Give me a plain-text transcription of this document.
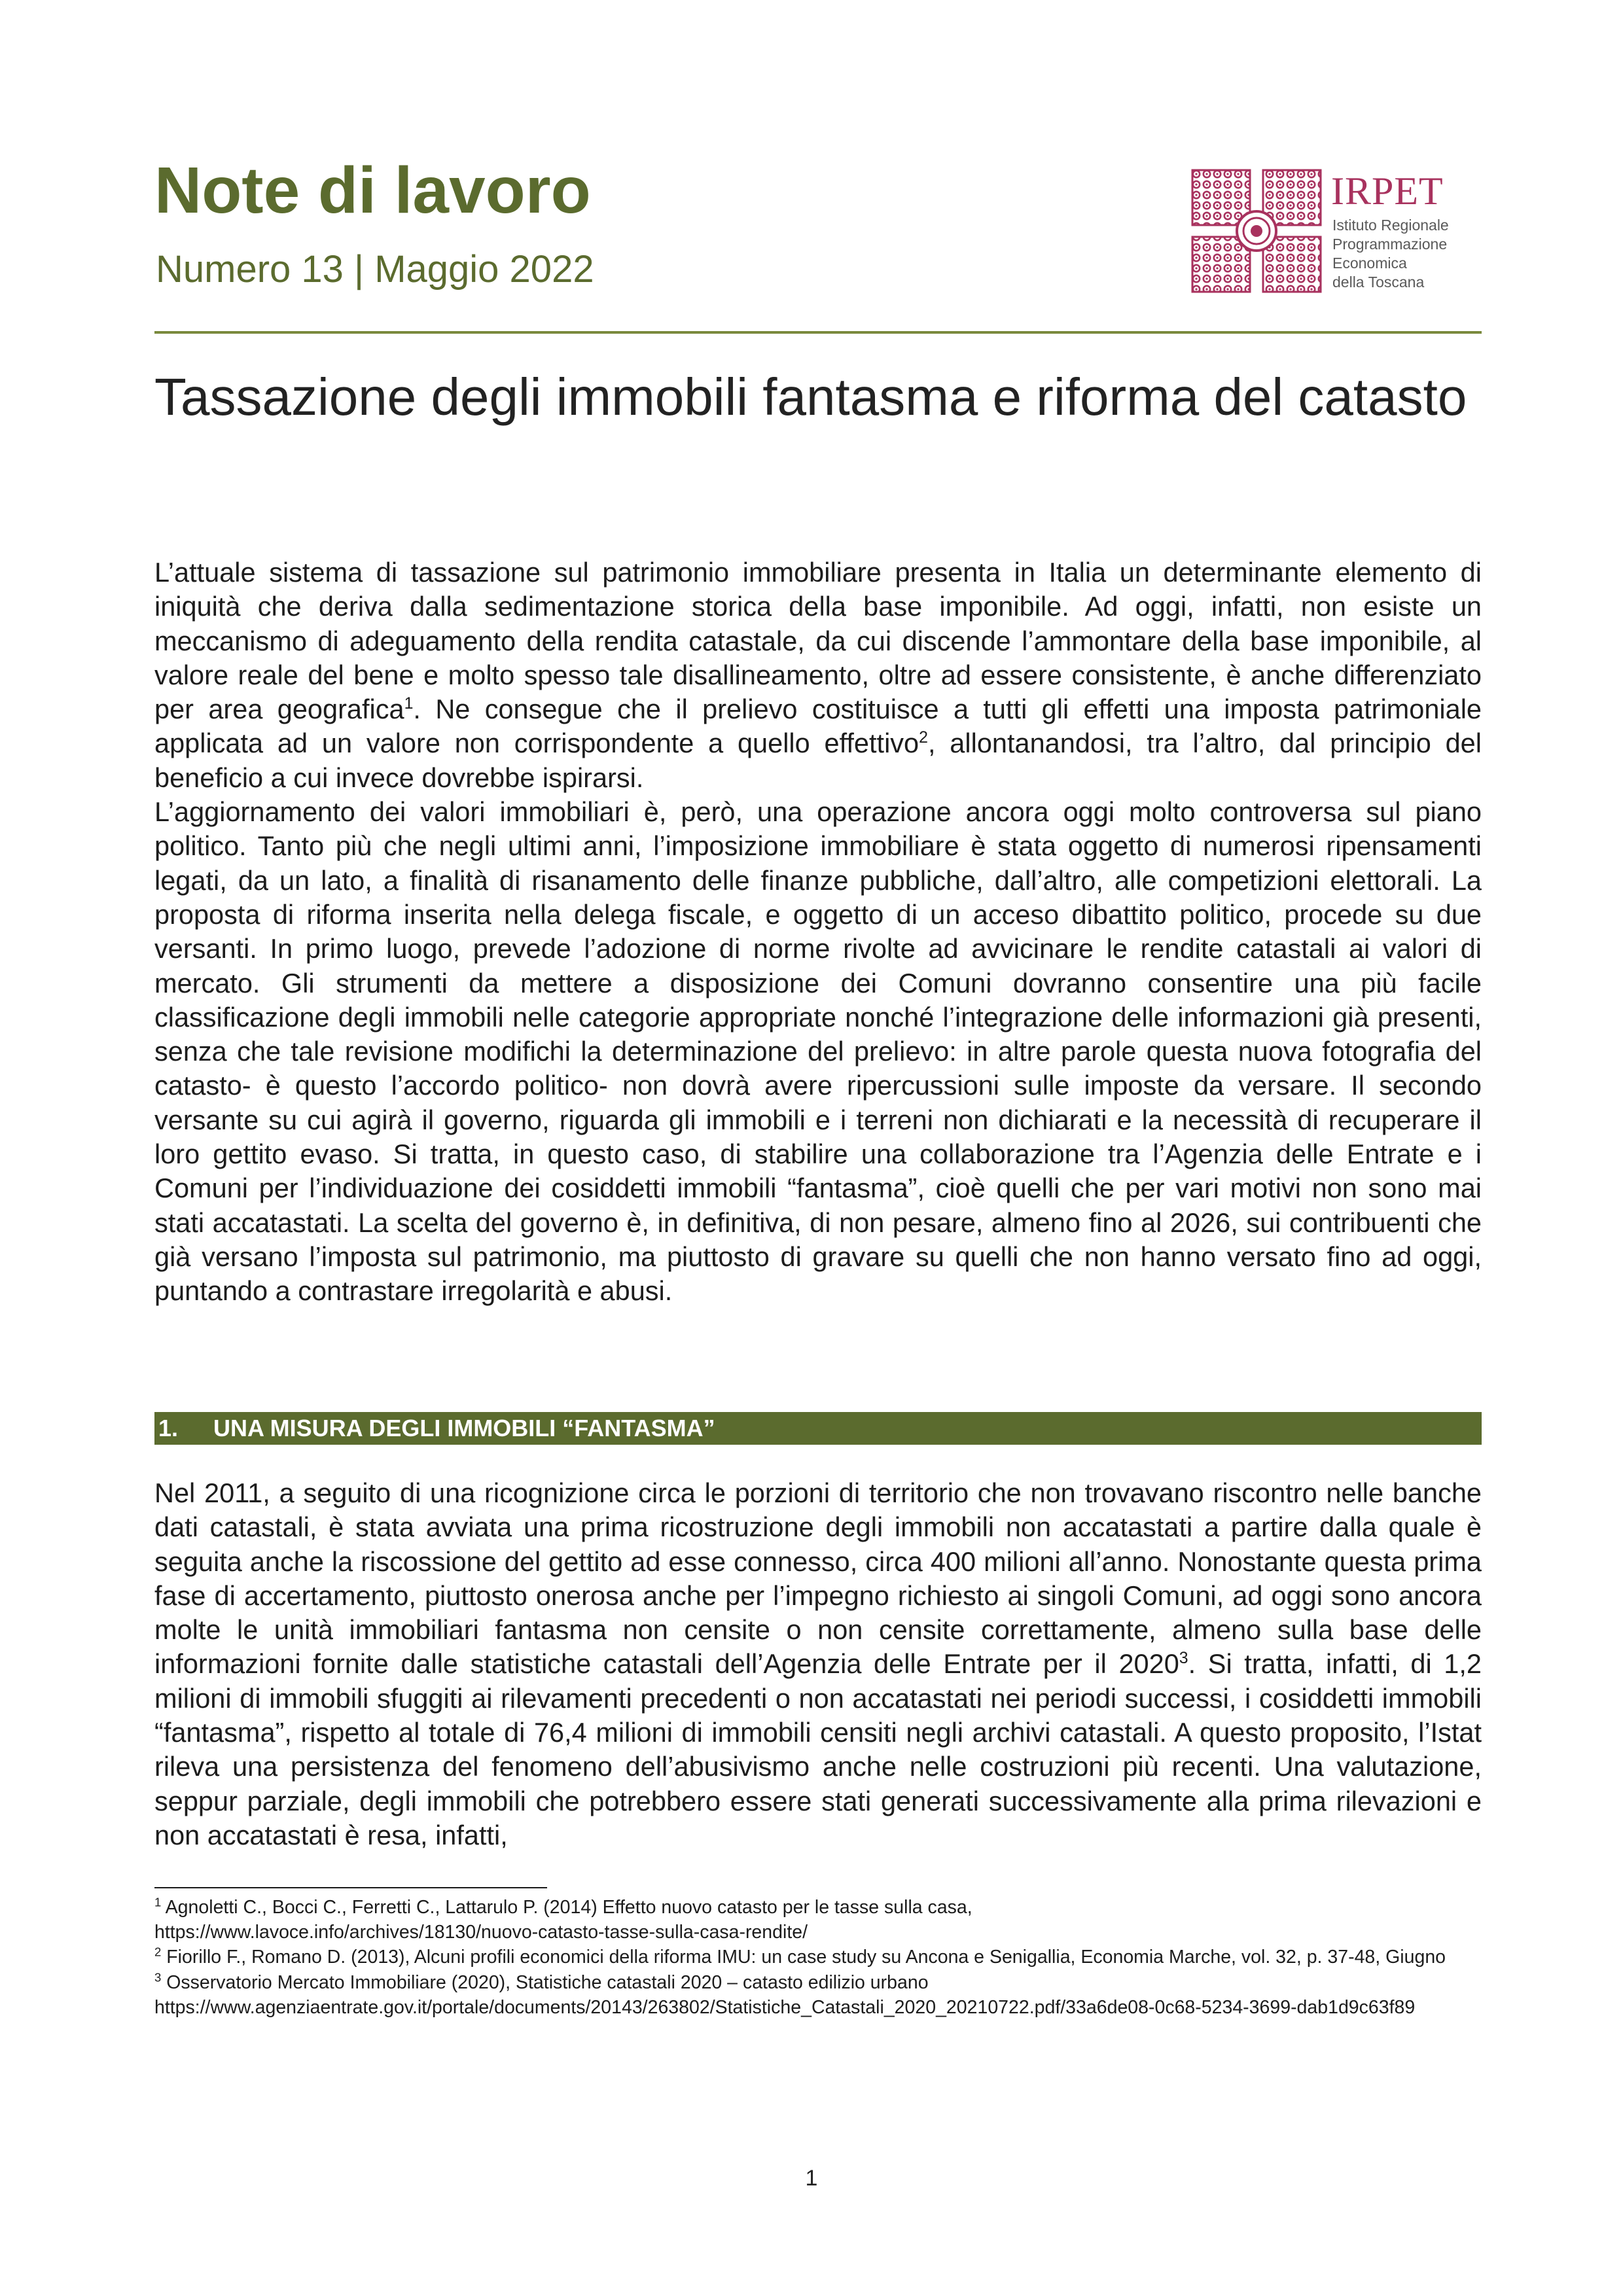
Note di lavoro
Numero 13 | Maggio 2022
IRPET
Istituto Regionale
Programmazione
Economica
della Toscana
Tassazione degli immobili fantasma e riforma del catasto
L’attuale sistema di tassazione sul patrimonio immobiliare presenta in Italia un determinante elemento di iniquità che deriva dalla sedimentazione storica della base imponibile. Ad oggi, infatti, non esiste un meccanismo di adeguamento della rendita catastale, da cui discende l’ammontare della base imponibile, al valore reale del bene e molto spesso tale disallineamento, oltre ad essere consistente, è anche differenziato per area geografica$^1$. Ne consegue che il prelievo costituisce a tutti gli effetti una imposta patrimoniale applicata ad un valore non corrispondente a quello effettivo$^2$, allontanandosi, tra l’altro, dal principio del beneficio a cui invece dovrebbe ispirarsi.
L’aggiornamento dei valori immobiliari è, però, una operazione ancora oggi molto controversa sul piano politico. Tanto più che negli ultimi anni, l’imposizione immobiliare è stata oggetto di numerosi ripensamenti legati, da un lato, a finalità di risanamento delle finanze pubbliche, dall’altro, alle competizioni elettorali. La proposta di riforma inserita nella delega fiscale, e oggetto di un acceso dibattito politico, procede su due versanti. In primo luogo, prevede l’adozione di norme rivolte ad avvicinare le rendite catastali ai valori di mercato. Gli strumenti da mettere a disposizione dei Comuni dovranno consentire una più facile classificazione degli immobili nelle categorie appropriate nonché l’integrazione delle informazioni già presenti, senza che tale revisione modifichi la determinazione del prelievo: in altre parole questa nuova fotografia del catasto- è questo l’accordo politico- non dovrà avere ripercussioni sulle imposte da versare. Il secondo versante su cui agirà il governo, riguarda gli immobili e i terreni non dichiarati e la necessità di recuperare il loro gettito evaso. Si tratta, in questo caso, di stabilire una collaborazione tra l’Agenzia delle Entrate e i Comuni per l’individuazione dei cosiddetti immobili “fantasma”, cioè quelli che per vari motivi non sono mai stati accatastati. La scelta del governo è, in definitiva, di non pesare, almeno fino al 2026, sui contribuenti che già versano l’imposta sul patrimonio, ma piuttosto di gravare su quelli che non hanno versato fino ad oggi, puntando a contrastare irregolarità e abusi.
1. UNA MISURA DEGLI IMMOBILI “FANTASMA”
Nel 2011, a seguito di una ricognizione circa le porzioni di territorio che non trovavano riscontro nelle banche dati catastali, è stata avviata una prima ricostruzione degli immobili non accatastati a partire dalla quale è seguita anche la riscossione del gettito ad esse connesso, circa 400 milioni all’anno. Nonostante questa prima fase di accertamento, piuttosto onerosa anche per l’impegno richiesto ai singoli Comuni, ad oggi sono ancora molte le unità immobiliari fantasma non censite o non censite correttamente, almeno sulla base delle informazioni fornite dalle statistiche catastali dell’Agenzia delle Entrate per il 2020$^3$. Si tratta, infatti, di 1,2 milioni di immobili sfuggiti ai rilevamenti precedenti o non accatastati nei periodi successi, i cosiddetti immobili “fantasma”, rispetto al totale di 76,4 milioni di immobili censiti negli archivi catastali. A questo proposito, l’Istat rileva una persistenza del fenomeno dell’abusivismo anche nelle costruzioni più recenti. Una valutazione, seppur parziale, degli immobili che potrebbero essere stati generati successivamente alla prima rilevazioni e non accatastati è resa, infatti,

$^1$ Agnoletti C., Bocci C., Ferretti C., Lattarulo P. (2014) Effetto nuovo catasto per le tasse sulla casa,
https://www.lavoce.info/archives/18130/nuovo-catasto-tasse-sulla-casa-rendite/

$^2$ Fiorillo F., Romano D. (2013), Alcuni profili economici della riforma IMU: un case study su Ancona e Senigallia, Economia Marche, vol. 32, p. 37-48, Giugno

$^3$ Osservatorio Mercato Immobiliare (2020), Statistiche catastali 2020 – catasto edilizio urbano
https://www.agenziaentrate.gov.it/portale/documents/20143/263802/Statistiche_Catastali_2020_20210722.pdf/33a6de08-0c68-5234-3699-dab1d9c63f89

1
